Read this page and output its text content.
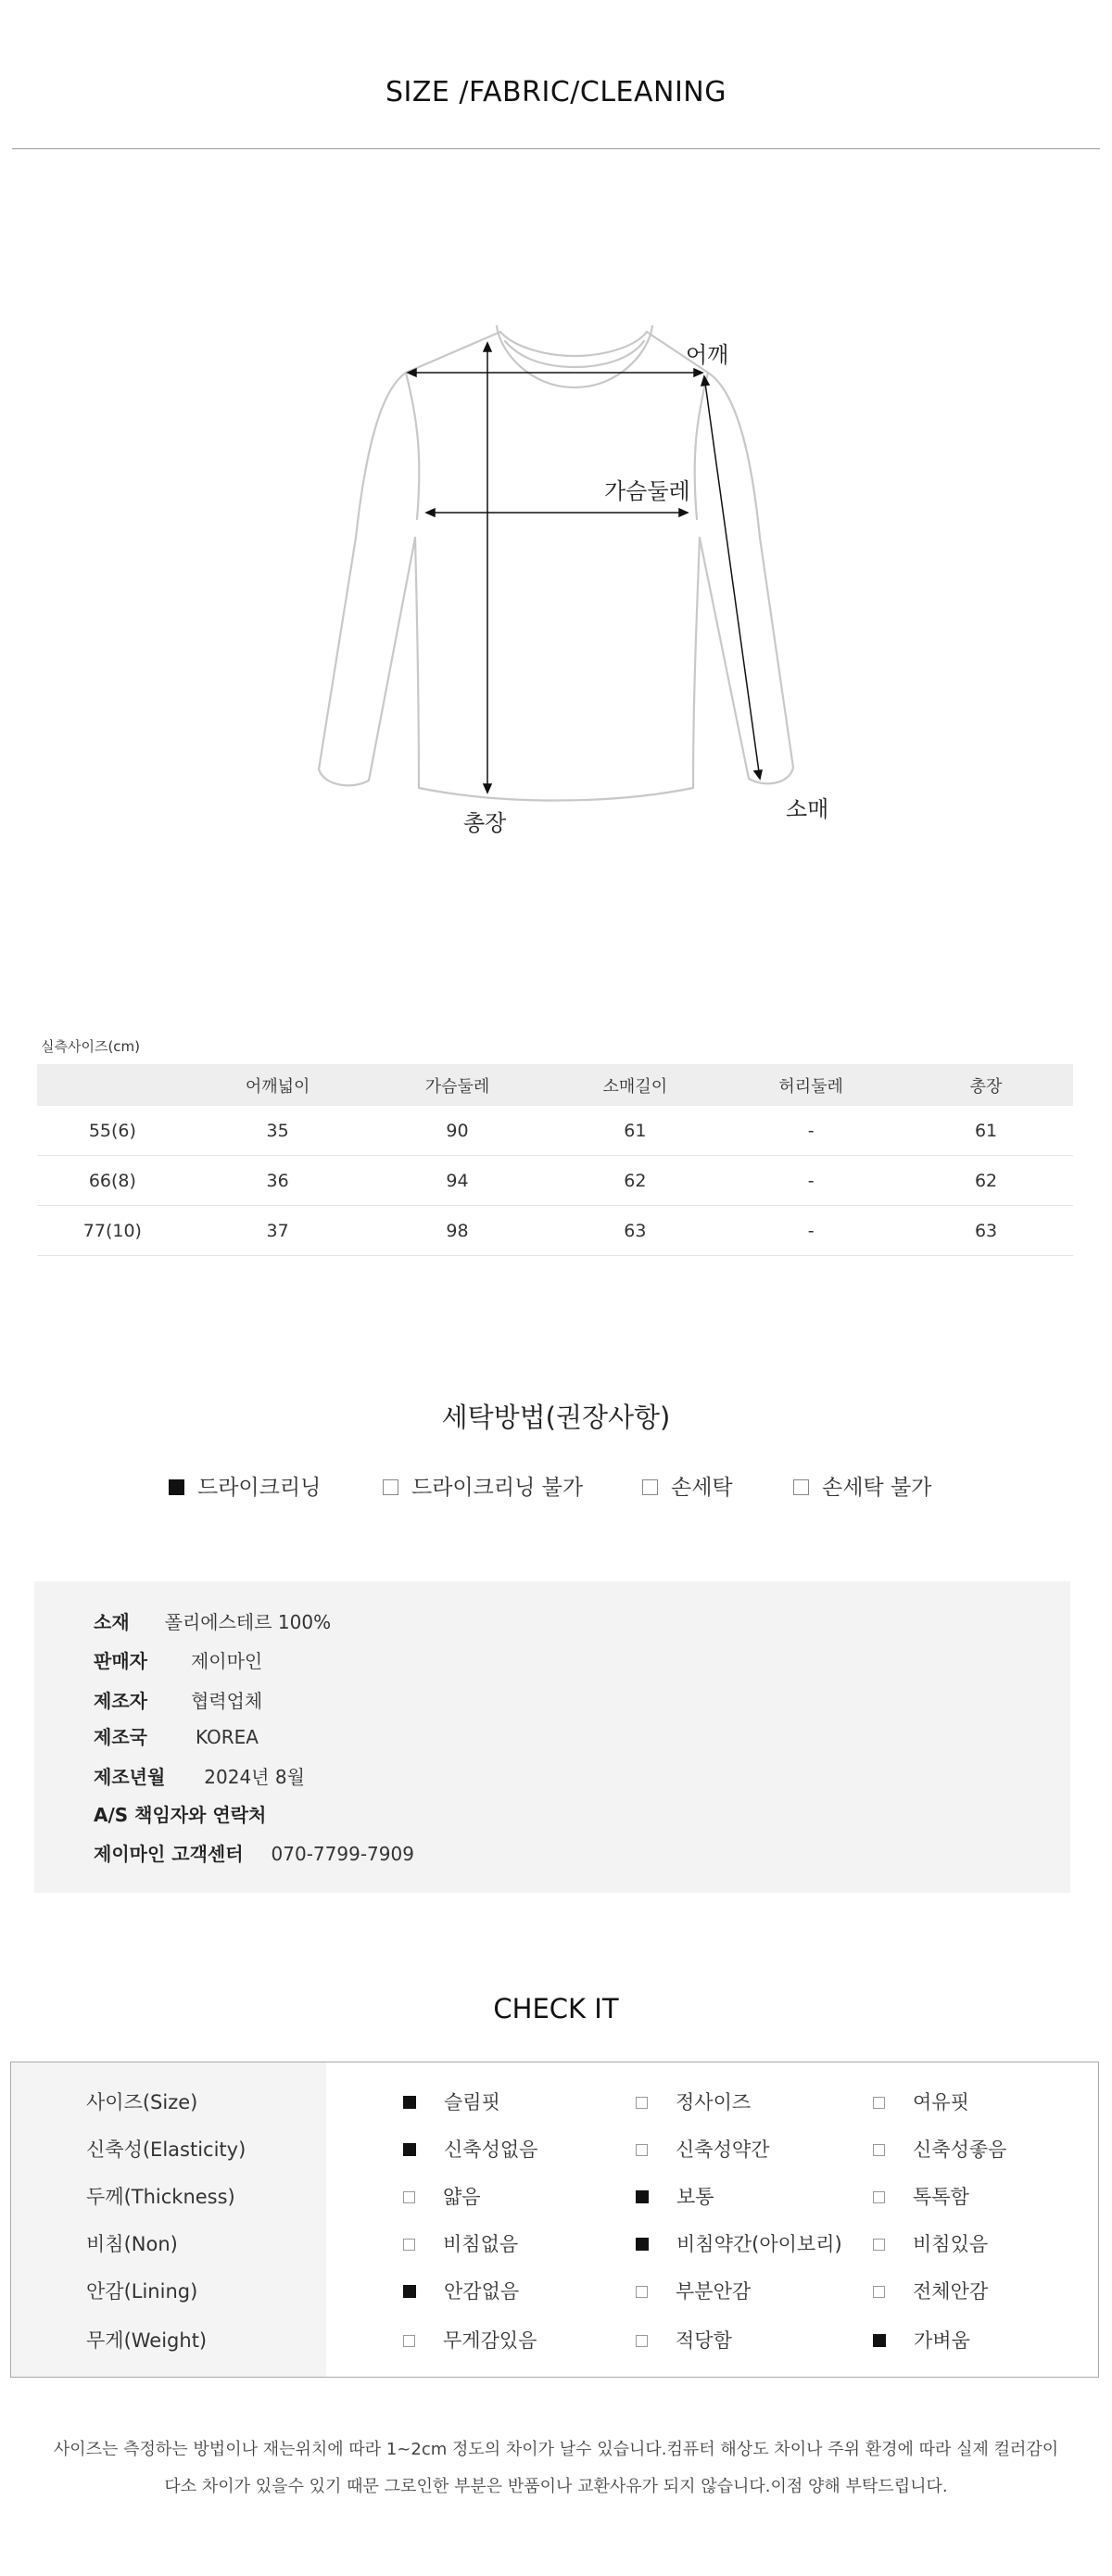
SIZE /FABRIC/CLEANING
어깨
가슴둘레
소매
총장
실측사이즈(cm)
	어깨넓이	가슴둘레	소매길이	허리둘레	총장
55(6)	35	90	61	-	61
66(8)	36	94	62	-	62
77(10)	37	98	63	-	63
세탁방법(권장사항)
드라이크리닝	드라이크리닝 불가	손세탁	손세탁 불가
소재 폴리에스테르 100%
판매자 제이마인
제조자 협력업체
제조국	KOREA
제조년월 2024년 8월
A/S 책임자와 연락처
제이마인 고객센터 070-7799-7909
CHECK IT
사이즈(Size)	슬림핏	정사이즈	여유핏
신축성(Elasticity)	신축성없음	신축성약간	신축성좋음
두께(Thickness)	얇음	보통	톡톡함
비침(Non)	비침없음	비침약간(아이보리)	비침있음
안감(Lining)	안감없음	부분안감	전체안감
무게(Weight)	무게감있음	적당함	가벼움
사이즈는 측정하는 방법이나 재는위치에 따라 1~2cm 정도의 차이가 날수 있습니다.컴퓨터 해상도 차이나 주위 환경에 따라 실제 컬러감이
다소 차이가 있을수 있기 때문 그로인한 부분은 반품이나 교환사유가 되지 않습니다.이점 양해 부탁드립니다.
